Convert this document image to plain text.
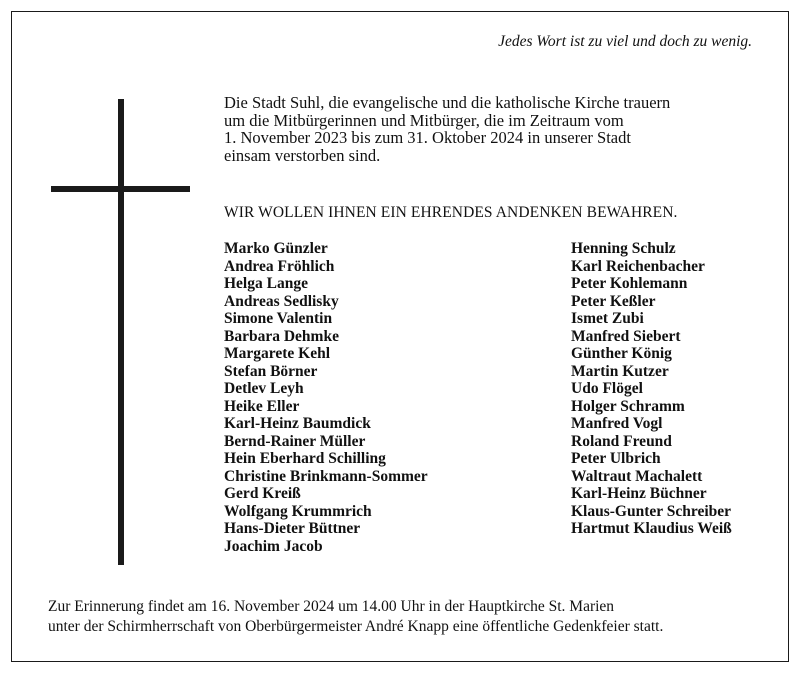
Jedes Wort ist zu viel und doch zu wenig.
Die Stadt Suhl, die evangelische und die katholische Kirche trauern
um die Mitbürgerinnen und Mitbürger, die im Zeitraum vom
1. November 2023 bis zum 31. Oktober 2024 in unserer Stadt
einsam verstorben sind.
WIR WOLLEN IHNEN EIN EHRENDES ANDENKEN BEWAHREN.
Marko Günzler
Andrea Fröhlich
Helga Lange
Andreas Sedlisky
Simone Valentin
Barbara Dehmke
Margarete Kehl
Stefan Börner
Detlev Leyh
Heike Eller
Karl-Heinz Baumdick
Bernd-Rainer Müller
Hein Eberhard Schilling
Christine Brinkmann-Sommer
Gerd Kreiß
Wolfgang Krummrich
Hans-Dieter Büttner
Joachim Jacob
Henning Schulz
Karl Reichenbacher
Peter Kohlemann
Peter Keßler
Ismet Zubi
Manfred Siebert
Günther König
Martin Kutzer
Udo Flögel
Holger Schramm
Manfred Vogl
Roland Freund
Peter Ulbrich
Waltraut Machalett
Karl-Heinz Büchner
Klaus-Gunter Schreiber
Hartmut Klaudius Weiß
Zur Erinnerung findet am 16. November 2024 um 14.00 Uhr in der Hauptkirche St. Marien
unter der Schirmherrschaft von Oberbürgermeister André Knapp eine öffentliche Gedenkfeier statt.
